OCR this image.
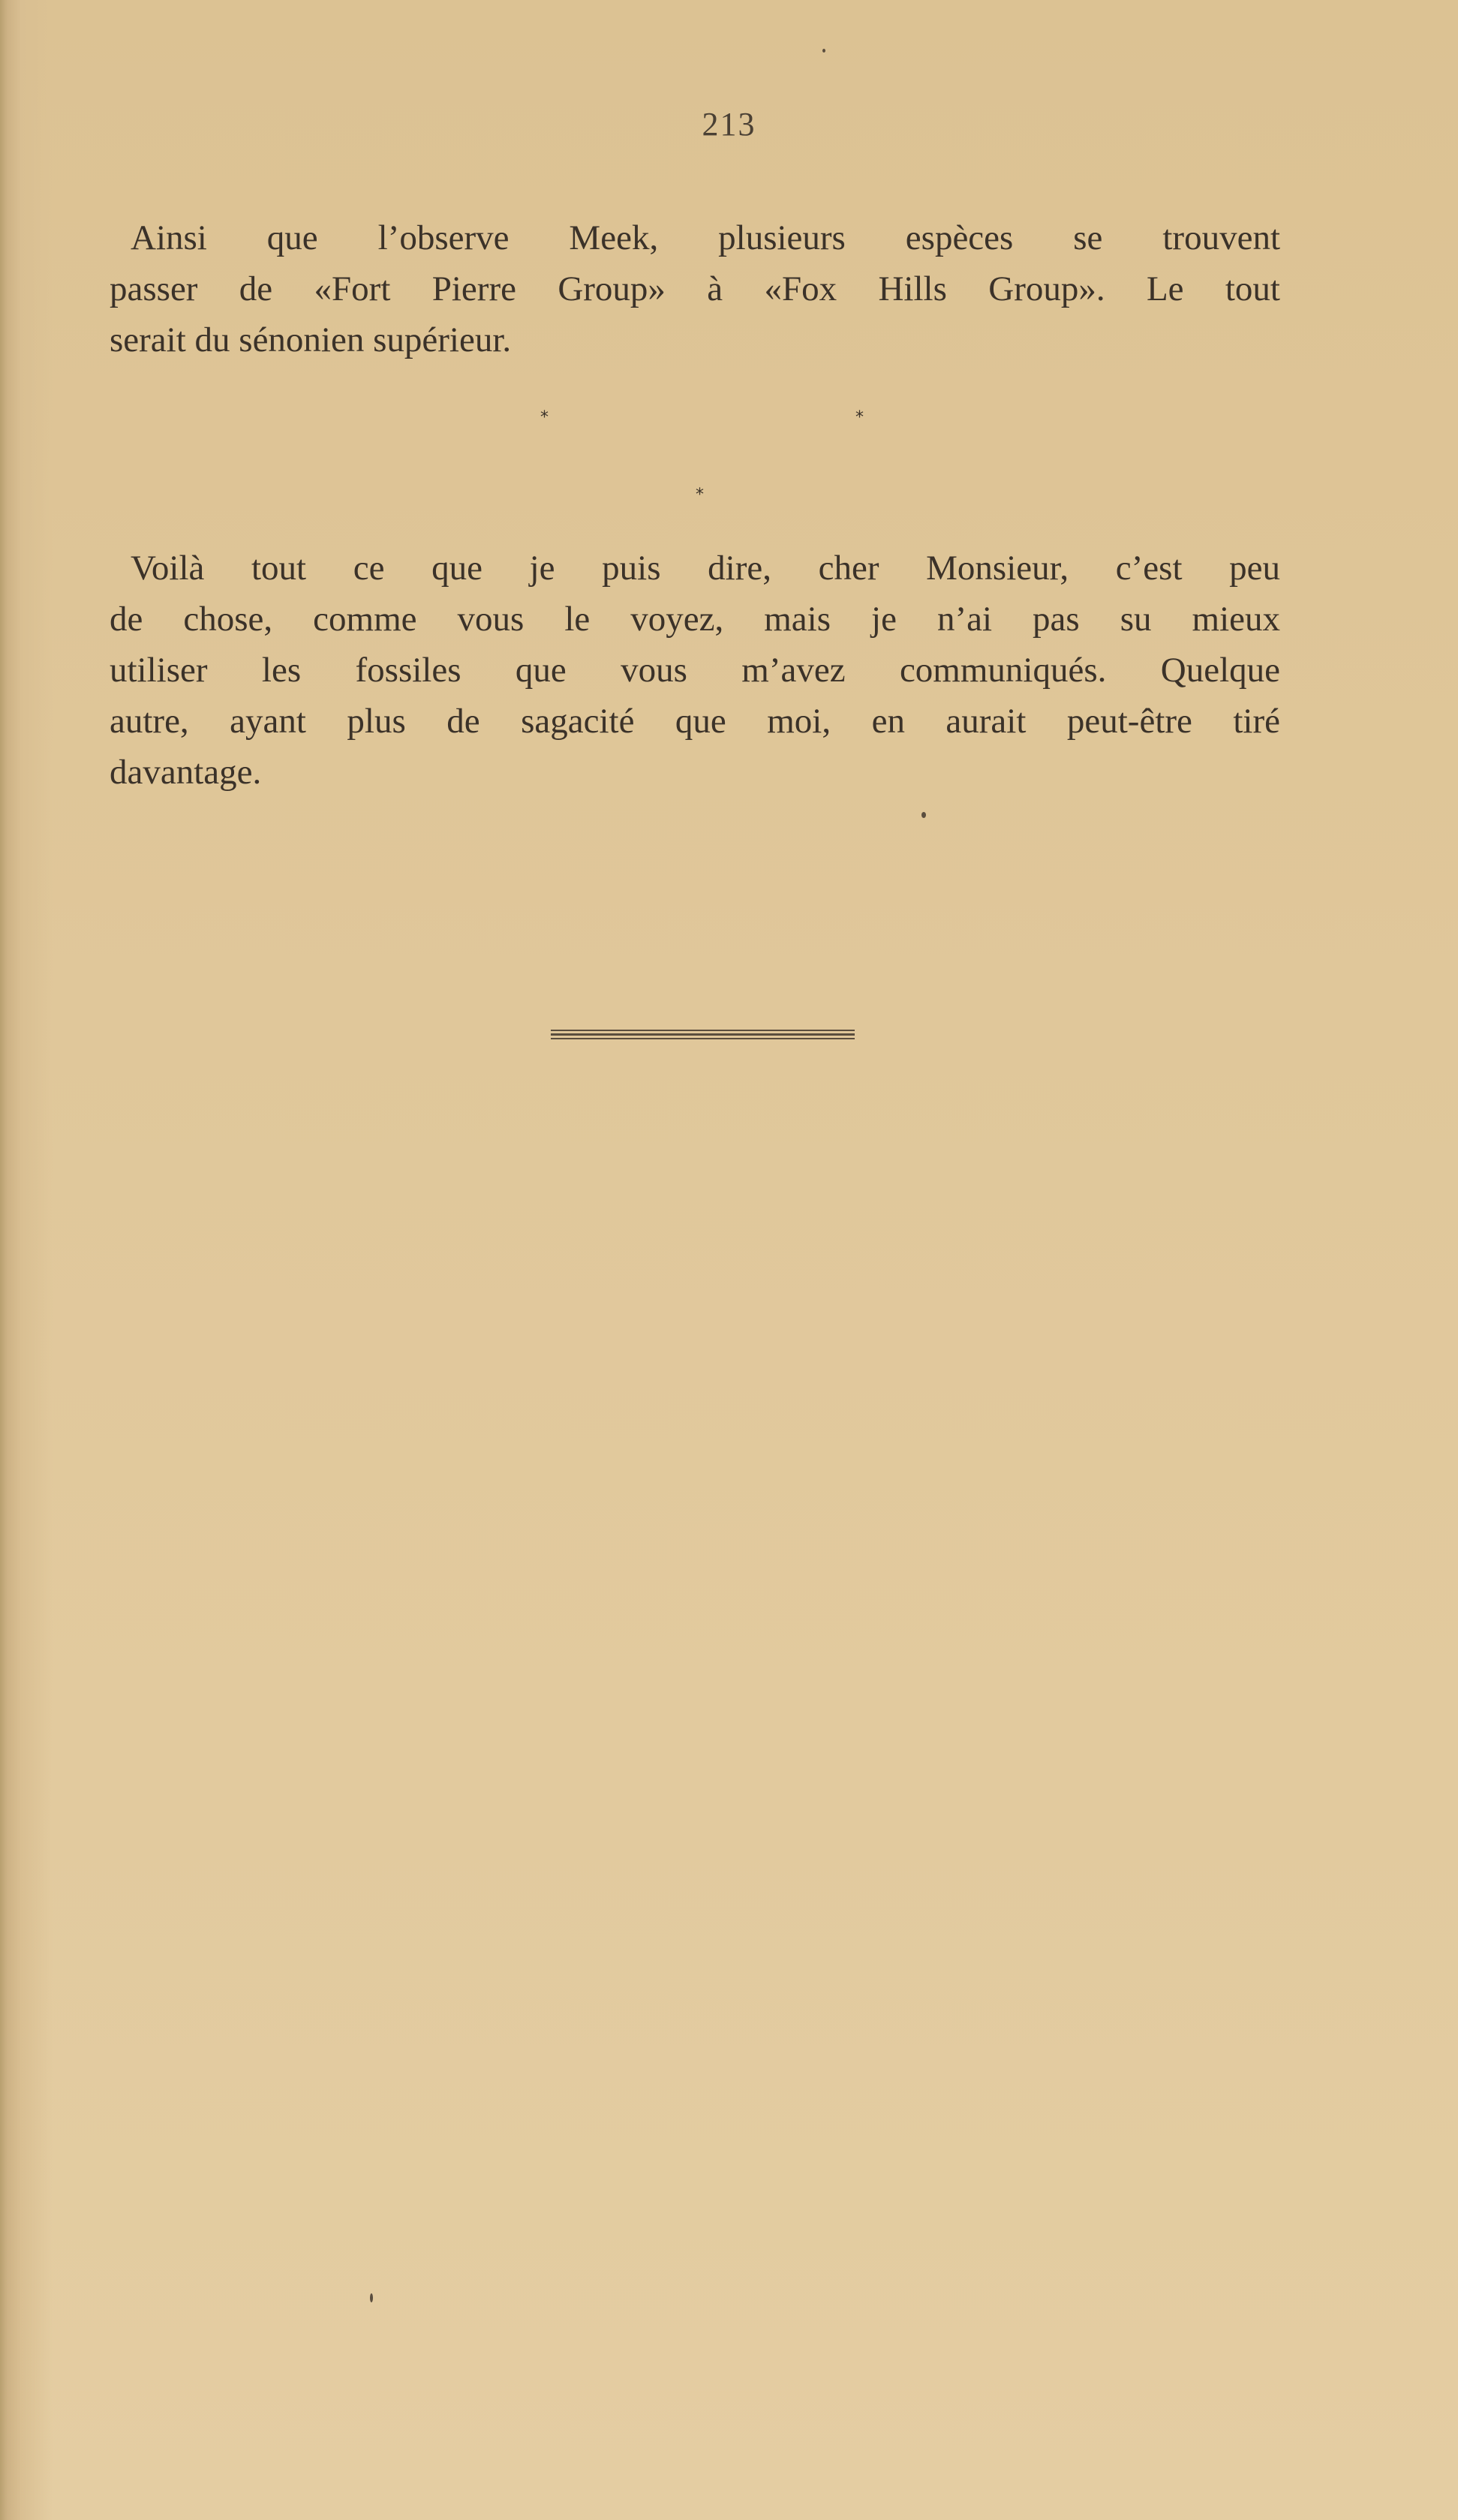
213
Ainsi que l’observe Meek, plusieurs espèces se trouvent
passer de «Fort Pierre Group» à «Fox Hills Group». Le tout
serait du sénonien supérieur.
*	*
*
Voilà tout ce que je puis dire, cher Monsieur, c’est peu
de chose, comme vous le voyez, mais je n’ai pas su mieux
utiliser les fossiles que vous m’avez communiqués. Quelque
autre, ayant plus de sagacité que moi, en aurait peut-être tiré
davantage.
